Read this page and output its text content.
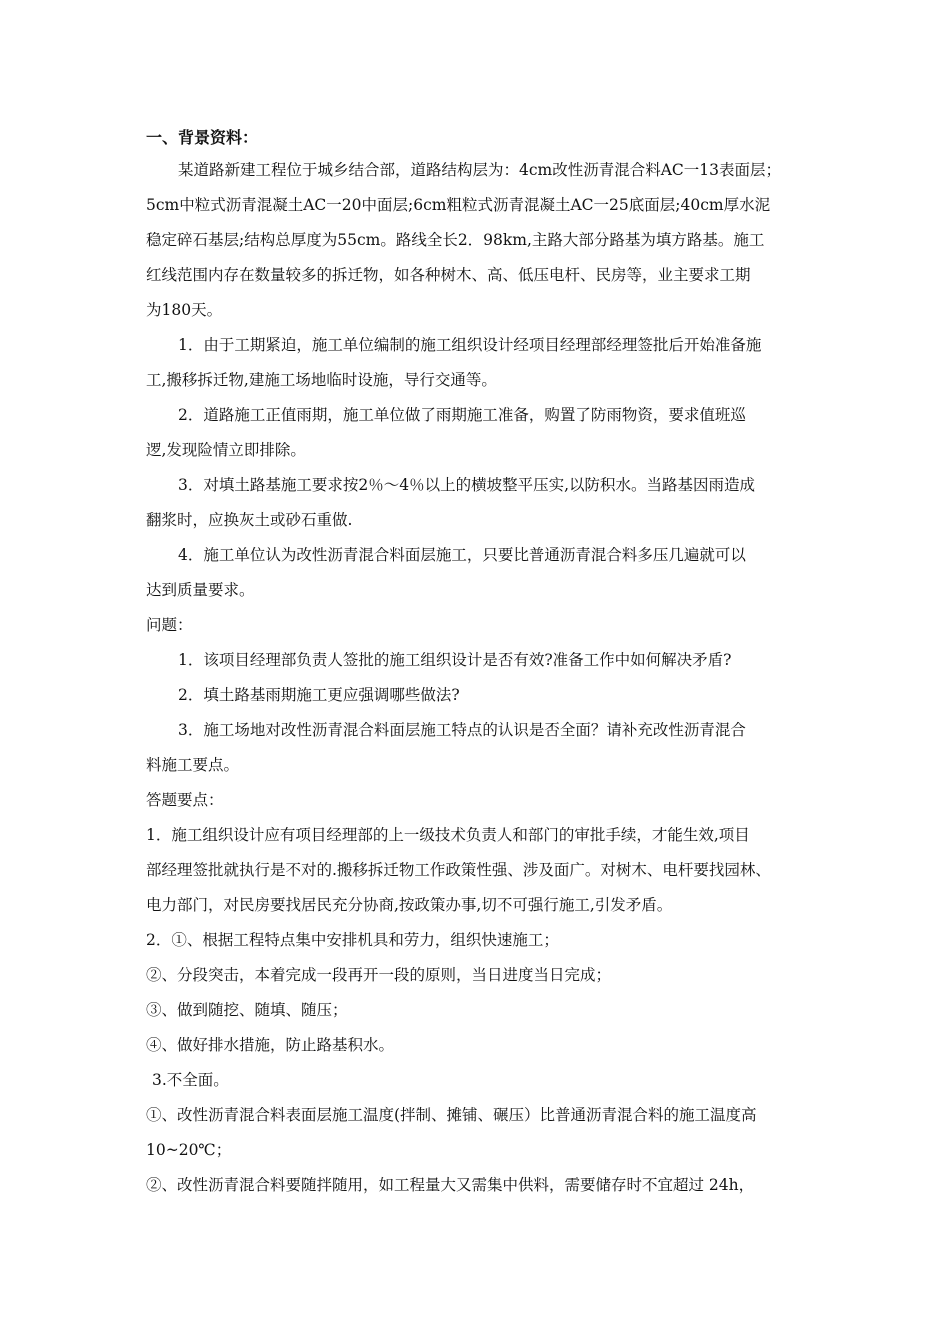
一、背景资料：
某道路新建工程位于城乡结合部，道路结构层为：4cm改性沥青混合料AC一13表面层；
5cm中粒式沥青混凝土AC一20中面层;6cm粗粒式沥青混凝土AC一25底面层;40cm厚水泥
稳定碎石基层;结构总厚度为55cm。路线全长2．98km,主路大部分路基为填方路基。施工
红线范围内存在数量较多的拆迁物，如各种树木、高、低压电杆、民房等，业主要求工期
为180天。
1．由于工期紧迫，施工单位编制的施工组织设计经项目经理部经理签批后开始准备施
工,搬移拆迁物,建施工场地临时设施，导行交通等。
2．道路施工正值雨期，施工单位做了雨期施工准备，购置了防雨物资，要求值班巡
逻,发现险情立即排除。
3．对填土路基施工要求按2％～4％以上的横坡整平压实,以防积水。当路基因雨造成
翻浆时，应换灰土或砂石重做.
4．施工单位认为改性沥青混合料面层施工，只要比普通沥青混合料多压几遍就可以
达到质量要求。
问题：
1．该项目经理部负责人签批的施工组织设计是否有效?准备工作中如何解决矛盾?
2．填土路基雨期施工更应强调哪些做法?
3．施工场地对改性沥青混合料面层施工特点的认识是否全面？请补充改性沥青混合
料施工要点。
答题要点：
1．施工组织设计应有项目经理部的上一级技术负责人和部门的审批手续，才能生效,项目
部经理签批就执行是不对的.搬移拆迁物工作政策性强、涉及面广。对树木、电杆要找园林、
电力部门，对民房要找居民充分协商,按政策办事,切不可强行施工,引发矛盾。
2．①、根据工程特点集中安排机具和劳力，组织快速施工；
②、分段突击，本着完成一段再开一段的原则，当日进度当日完成；
③、做到随挖、随填、随压；
④、做好排水措施，防止路基积水。
3.不全面。
①、改性沥青混合料表面层施工温度(拌制、摊铺、碾压）比普通沥青混合料的施工温度高
10~20℃；
②、改性沥青混合料要随拌随用，如工程量大又需集中供料，需要储存时不宜超过 24h，
